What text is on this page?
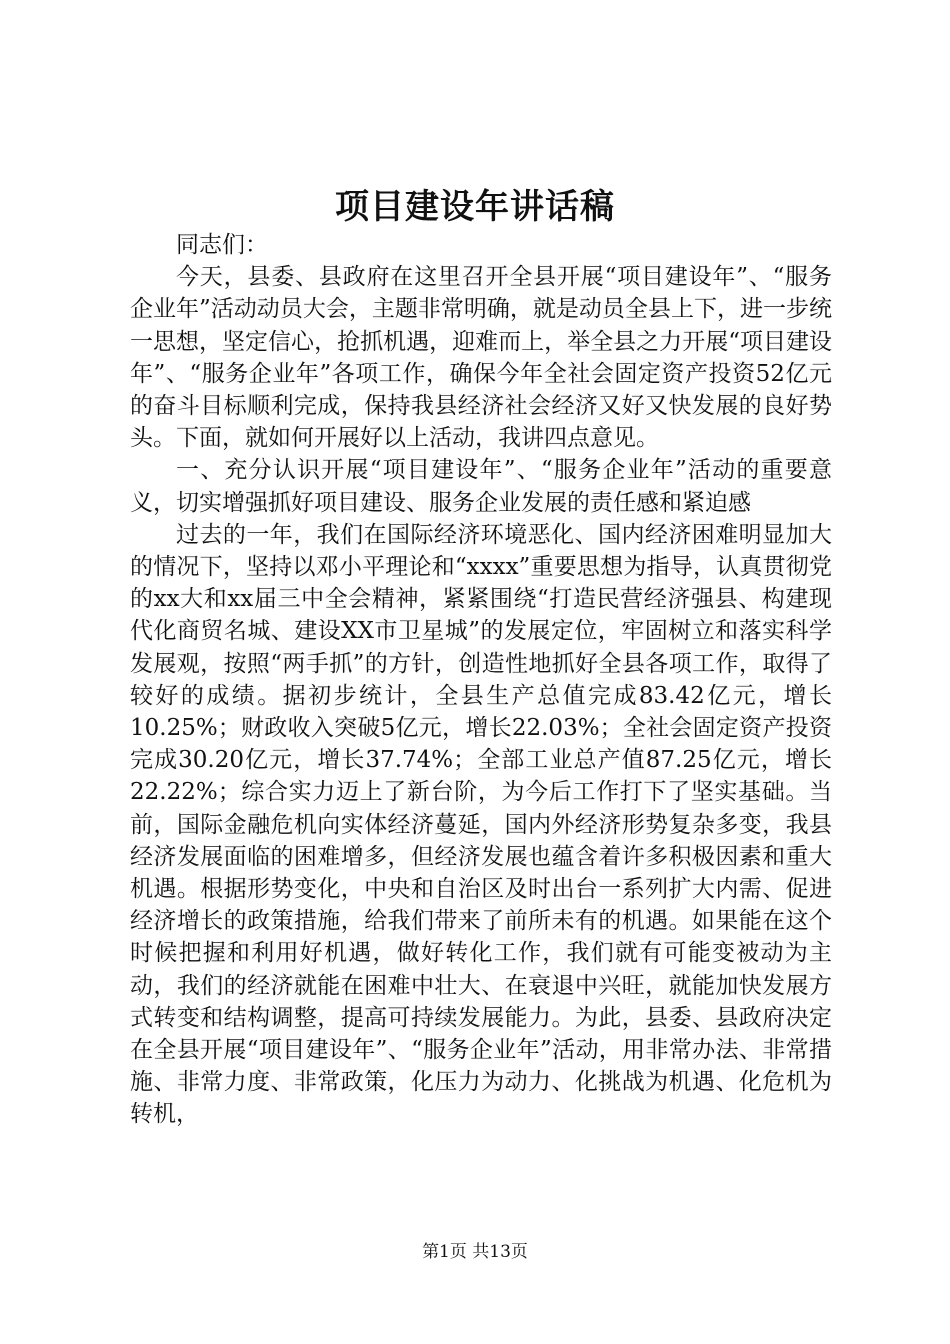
项目建设年讲话稿

同志们：

今天，县委、县政府在这里召开全县开展“项目建设年”、“服务企业年”活动动员大会，主题非常明确，就是动员全县上下，进一步统一思想，坚定信心，抢抓机遇，迎难而上，举全县之力开展“项目建设年”、“服务企业年”各项工作，确保今年全社会固定资产投资52亿元的奋斗目标顺利完成，保持我县经济社会经济又好又快发展的良好势头。下面，就如何开展好以上活动，我讲四点意见。

一、充分认识开展“项目建设年”、“服务企业年”活动的重要意义，切实增强抓好项目建设、服务企业发展的责任感和紧迫感

过去的一年，我们在国际经济环境恶化、国内经济困难明显加大的情况下，坚持以邓小平理论和“xxxx”重要思想为指导，认真贯彻党的xx大和xx届三中全会精神，紧紧围绕“打造民营经济强县、构建现代化商贸名城、建设XX市卫星城”的发展定位，牢固树立和落实科学发展观，按照“两手抓”的方针，创造性地抓好全县各项工作，取得了较好的成绩。据初步统计，全县生产总值完成83.42亿元，增长10.25%；财政收入突破5亿元，增长22.03%；全社会固定资产投资完成30.20亿元，增长37.74%；全部工业总产值87.25亿元，增长22.22%；综合实力迈上了新台阶，为今后工作打下了坚实基础。当前，国际金融危机向实体经济蔓延，国内外经济形势复杂多变，我县经济发展面临的困难增多，但经济发展也蕴含着许多积极因素和重大机遇。根据形势变化，中央和自治区及时出台一系列扩大内需、促进经济增长的政策措施，给我们带来了前所未有的机遇。如果能在这个时候把握和利用好机遇，做好转化工作，我们就有可能变被动为主动，我们的经济就能在困难中壮大、在衰退中兴旺，就能加快发展方式转变和结构调整，提高可持续发展能力。为此，县委、县政府决定在全县开展“项目建设年”、“服务企业年”活动，用非常办法、非常措施、非常力度、非常政策，化压力为动力、化挑战为机遇、化危机为转机，

第1页 共13页
